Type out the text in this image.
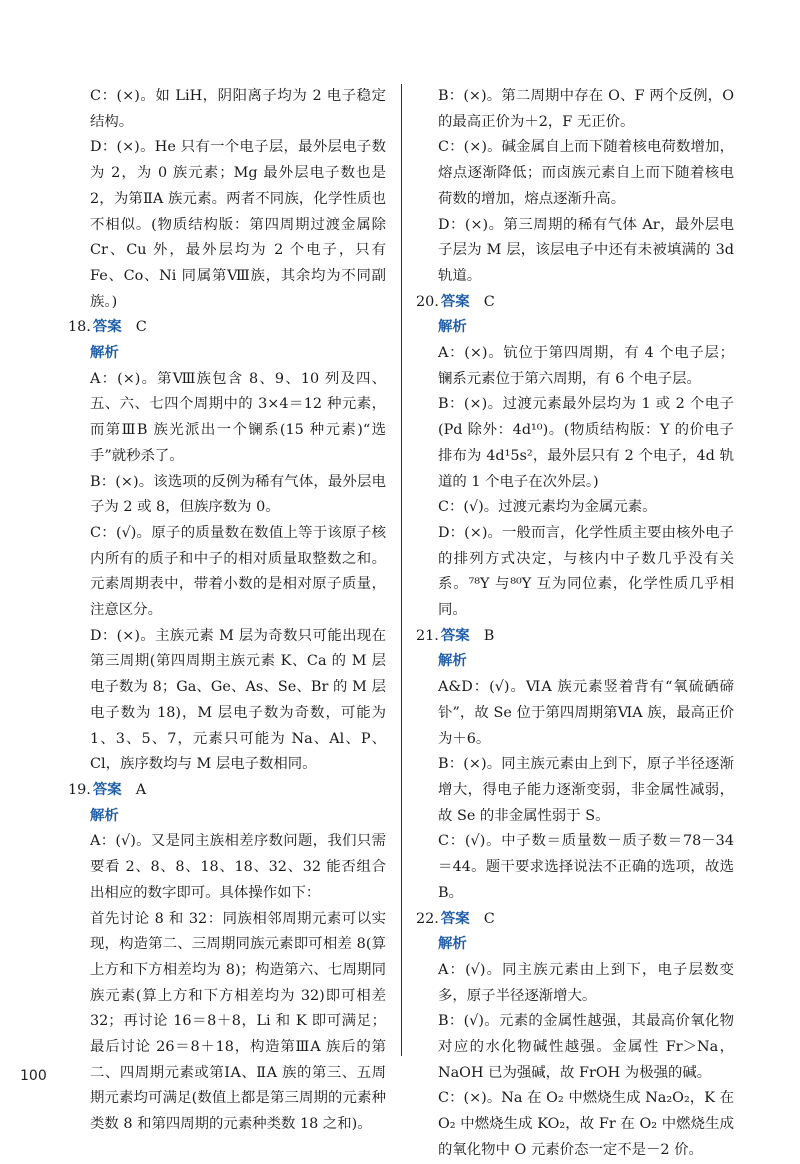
C：(×)。如 LiH，阴阳离子均为 2 电子稳定结构。

D：(×)。He 只有一个电子层，最外层电子数为 2，为 0 族元素；Mg 最外层电子数也是 2，为第ⅡA 族元素。两者不同族，化学性质也不相似。(物质结构版：第四周期过渡金属除 Cr、Cu 外，最外层均为 2 个电子，只有 Fe、Co、Ni 同属第Ⅷ族，其余均为不同副族。)

18. 答案 C

解析

A：(×)。第Ⅷ族包含 8、9、10 列及四、五、六、七四个周期中的 3×4＝12 种元素，而第ⅢB 族光派出一个镧系(15 种元素)“选手”就秒杀了。

B：(×)。该选项的反例为稀有气体，最外层电子为 2 或 8，但族序数为 0。

C：(√)。原子的质量数在数值上等于该原子核内所有的质子和中子的相对质量取整数之和。元素周期表中，带着小数的是相对原子质量，注意区分。

D：(×)。主族元素 M 层为奇数只可能出现在第三周期(第四周期主族元素 K、Ca 的 M 层电子数为 8；Ga、Ge、As、Se、Br 的 M 层电子数为 18)，M 层电子数为奇数，可能为 1、3、5、7，元素只可能为 Na、Al、P、Cl，族序数均与 M 层电子数相同。

19. 答案 A

解析

A：(√)。又是同主族相差序数问题，我们只需要看 2、8、8、18、18、32、32 能否组合出相应的数字即可。具体操作如下：

首先讨论 8 和 32：同族相邻周期元素可以实现，构造第二、三周期同族元素即可相差 8(算上方和下方相差均为 8)；构造第六、七周期同族元素(算上方和下方相差均为 32)即可相差 32；再讨论 16＝8＋8，Li 和 K 即可满足；最后讨论 26＝8＋18，构造第ⅢA 族后的第二、四周期元素或第ⅠA、ⅡA 族的第三、五周期元素均可满足(数值上都是第三周期的元素种类数 8 和第四周期的元素种类数 18 之和)。

B：(×)。第二周期中存在 O、F 两个反例，O 的最高正价为＋2，F 无正价。

C：(×)。碱金属自上而下随着核电荷数增加，熔点逐渐降低；而卤族元素自上而下随着核电荷数的增加，熔点逐渐升高。

D：(×)。第三周期的稀有气体 Ar，最外层电子层为 M 层，该层电子中还有未被填满的 3d 轨道。

20. 答案 C

解析

A：(×)。钪位于第四周期，有 4 个电子层；镧系元素位于第六周期，有 6 个电子层。

B：(×)。过渡元素最外层均为 1 或 2 个电子(Pd 除外：4d¹⁰)。(物质结构版：Y 的价电子排布为 4d¹5s²，最外层只有 2 个电子，4d 轨道的 1 个电子在次外层。)

C：(√)。过渡元素均为金属元素。

D：(×)。一般而言，化学性质主要由核外电子的排列方式决定，与核内中子数几乎没有关系。⁷⁸Y 与⁸⁰Y 互为同位素，化学性质几乎相同。

21. 答案 B

解析

A&D：(√)。ⅥA 族元素竖着背有“氧硫硒碲钋”，故 Se 位于第四周期第ⅥA 族，最高正价为＋6。

B：(×)。同主族元素由上到下，原子半径逐渐增大，得电子能力逐渐变弱，非金属性减弱，故 Se 的非金属性弱于 S。

C：(√)。中子数＝质量数－质子数＝78－34＝44。题干要求选择说法不正确的选项，故选 B。

22. 答案 C

解析

A：(√)。同主族元素由上到下，电子层数变多，原子半径逐渐增大。

B：(√)。元素的金属性越强，其最高价氧化物对应的水化物碱性越强。金属性 Fr＞Na，NaOH 已为强碱，故 FrOH 为极强的碱。

C：(×)。Na 在 O₂ 中燃烧生成 Na₂O₂，K 在 O₂ 中燃烧生成 KO₂，故 Fr 在 O₂ 中燃烧生成的氧化物中 O 元素价态一定不是－2 价。

100
